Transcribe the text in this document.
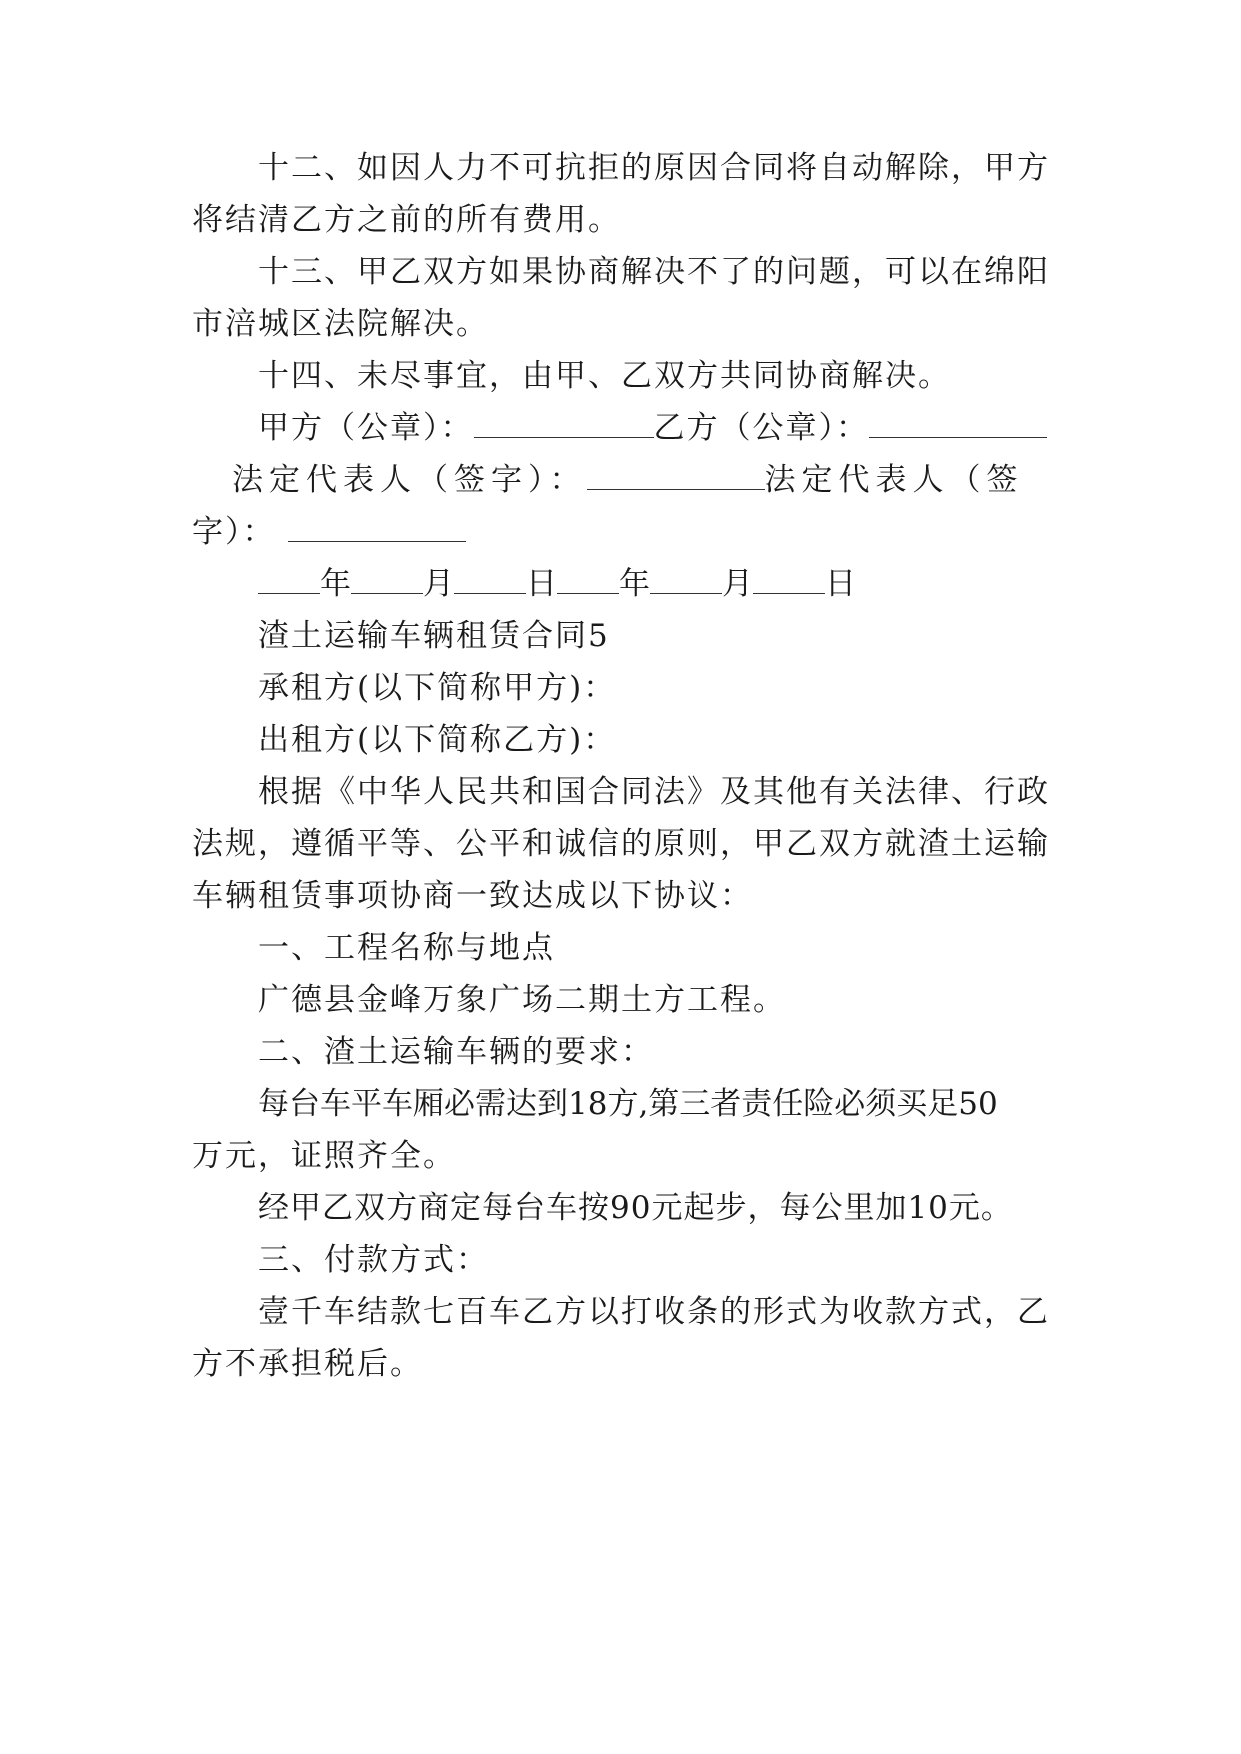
十二、如因人力不可抗拒的原因合同将自动解除，甲方
将结清乙方之前的所有费用。
十三、甲乙双方如果协商解决不了的问题，可以在绵阳
市涪城区法院解决。
十四、未尽事宜，由甲、乙双方共同协商解决。
甲方（公章）：	乙方（公章）：
法定代表人（签字）：	法定代表人（签
字）：
年 月 日 年 月 日
渣土运输车辆租赁合同5
承租方(以下简称甲方)：
出租方(以下简称乙方)：
根据《中华人民共和国合同法》及其他有关法律、行政
法规，遵循平等、公平和诚信的原则，甲乙双方就渣土运输
车辆租赁事项协商一致达成以下协议：
一、工程名称与地点
广德县金峰万象广场二期土方工程。
二、渣土运输车辆的要求：
每台车平车厢必需达到18方,第三者责任险必须买足50
万元，证照齐全。
经甲乙双方商定每台车按90元起步，每公里加10元。
三、付款方式：
壹千车结款七百车乙方以打收条的形式为收款方式，乙
方不承担税后。
